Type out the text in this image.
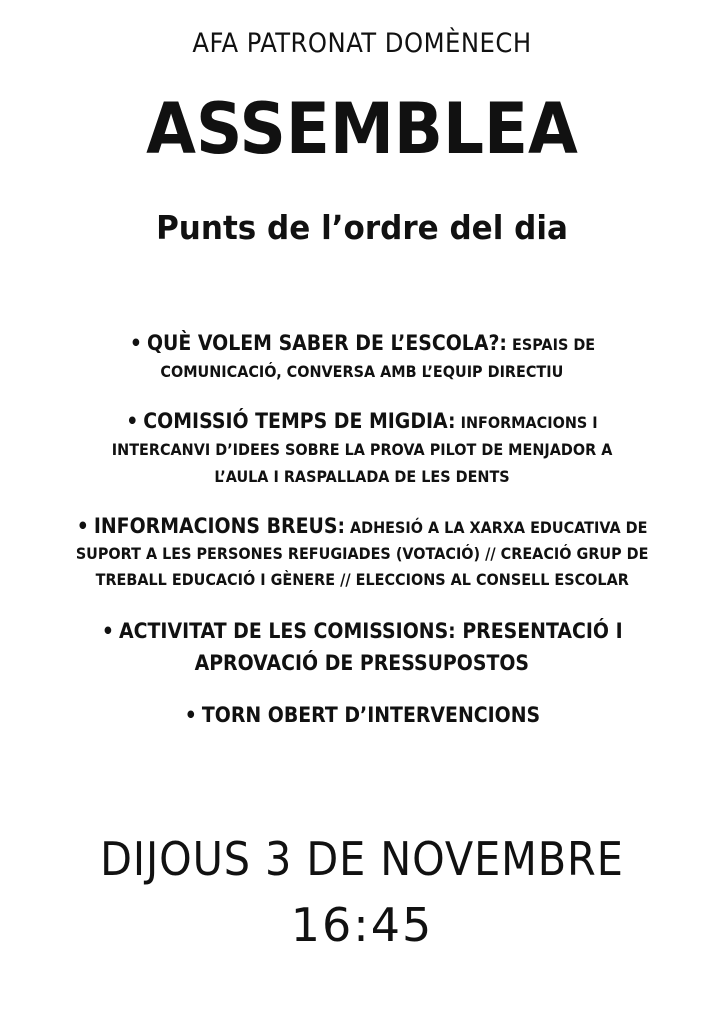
AFA PATRONAT DOMÈNECH
ASSEMBLEA
Punts de l’ordre del dia
• QUÈ VOLEM SABER DE L’ESCOLA?: ESPAIS DE
COMUNICACIÓ, CONVERSA AMB L’EQUIP DIRECTIU
• COMISSIÓ TEMPS DE MIGDIA: INFORMACIONS I
INTERCANVI D’IDEES SOBRE LA PROVA PILOT DE MENJADOR A
L’AULA I RASPALLADA DE LES DENTS
• INFORMACIONS BREUS: ADHESIÓ A LA XARXA EDUCATIVA DE
SUPORT A LES PERSONES REFUGIADES (VOTACIÓ) // CREACIÓ GRUP DE
TREBALL EDUCACIÓ I GÈNERE // ELECCIONS AL CONSELL ESCOLAR
• ACTIVITAT DE LES COMISSIONS: PRESENTACIÓ I
APROVACIÓ DE PRESSUPOSTOS
• TORN OBERT D’INTERVENCIONS
DIJOUS 3 DE NOVEMBRE
16:45
